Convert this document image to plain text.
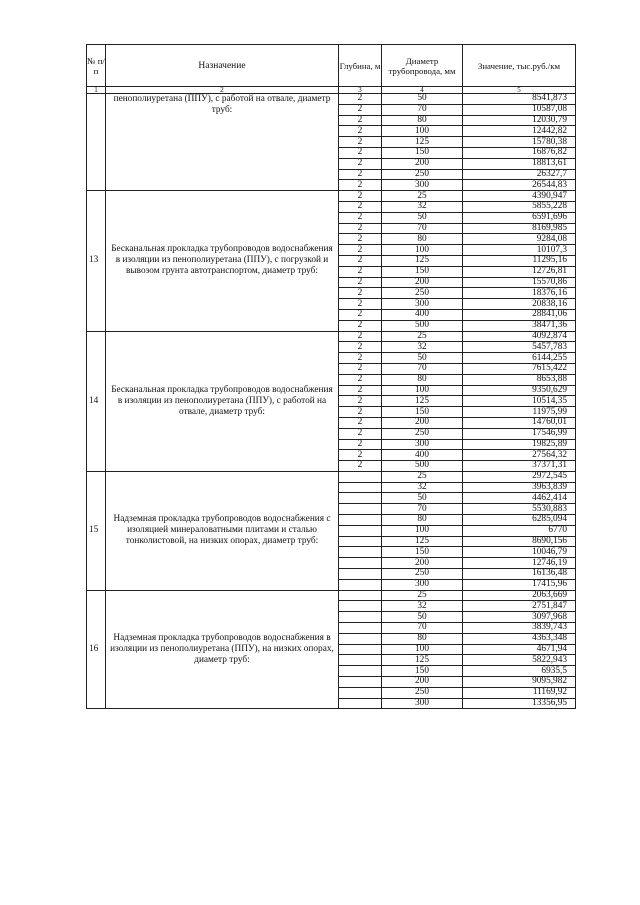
№ п/п	Назначение	Глубина, м	Диаметр трубопровода, мм	Значение, тыс.руб./км
1	2	3	4	5
	пенополиуретана (ППУ), с работой на отвале, диаметр труб:	2	50	8541,873
		2	70	10587,08
		2	80	12030,79
		2	100	12442,82
		2	125	15780,38
		2	150	16876,82
		2	200	18813,61
		2	250	26327,7
		2	300	26544,83
13	Бесканальная прокладка трубопроводов водоснабжения в изоляции из пенополиуретана (ППУ), с погрузкой и вывозом грунта автотранспортом, диаметр труб:	2	25	4390,947
		2	32	5855,228
		2	50	6591,696
		2	70	8169,985
		2	80	9284,08
		2	100	10107,3
		2	125	11295,16
		2	150	12726,81
		2	200	15570,86
		2	250	18376,16
		2	300	20838,16
		2	400	28841,06
		2	500	38471,36
14	Бесканальная прокладка трубопроводов водоснабжения в изоляции из пенополиуретана (ППУ), с работой на отвале, диаметр труб:	2	25	4092,874
		2	32	5457,783
		2	50	6144,255
		2	70	7615,422
		2	80	8653,88
		2	100	9350,629
		2	125	10514,35
		2	150	11975,99
		2	200	14760,01
		2	250	17546,99
		2	300	19825,89
		2	400	27564,32
		2	500	37371,31
15	Надземная прокладка трубопроводов водоснабжения с изоляцией минераловатными плитами и сталью тонколистовой, на низких опорах, диаметр труб:		25	2972,545
			32	3963,839
			50	4462,414
			70	5530,883
			80	6285,094
			100	6770
			125	8690,156
			150	10046,79
			200	12746,19
			250	16136,48
			300	17415,96
16	Надземная прокладка трубопроводов водоснабжения в изоляции из пенополиуретана (ППУ), на низких опорах, диаметр труб:		25	2063,669
			32	2751,847
			50	3097,968
			70	3839,743
			80	4363,348
			100	4671,94
			125	5822,943
			150	6935,5
			200	9095,982
			250	11169,92
			300	13356,95
